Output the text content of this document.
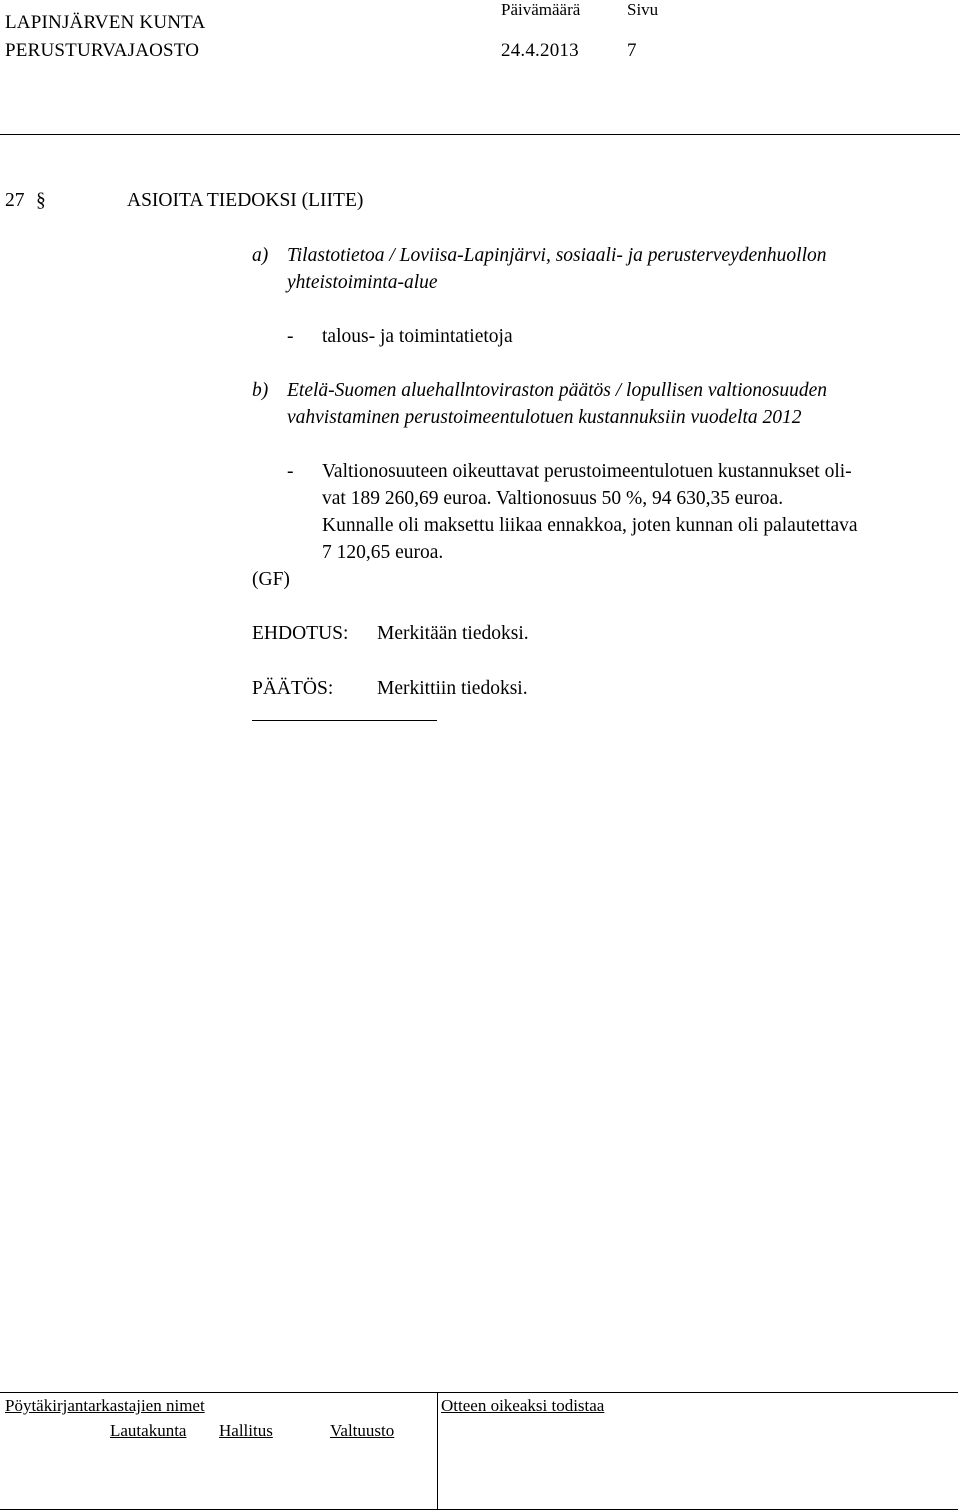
LAPINJÄRVEN KUNTA
PERUSTURVAJAOSTO
Päivämäärä
24.4.2013
Sivu
7
27 §	ASIOITA TIEDOKSI (LIITE)
a) Tilastotietoa / Loviisa-Lapinjärvi, sosiaali- ja perusterveydenhuollon
yhteistoiminta-alue
- talous- ja toimintatietoja
b) Etelä-Suomen aluehallntoviraston päätös / lopullisen valtionosuuden
vahvistaminen perustoimeentulotuen kustannuksiin vuodelta 2012
- Valtionosuuteen oikeuttavat perustoimeentulotuen kustannukset oli-
vat 189 260,69 euroa. Valtionosuus 50 %, 94 630,35 euroa.
Kunnalle oli maksettu liikaa ennakkoa, joten kunnan oli palautettava
7 120,65 euroa.
(GF)
EHDOTUS: Merkitään tiedoksi.
PÄÄTÖS: Merkittiin tiedoksi.
Pöytäkirjantarkastajien nimet	Otteen oikeaksi todistaa
Lautakunta Hallitus	Valtuusto
